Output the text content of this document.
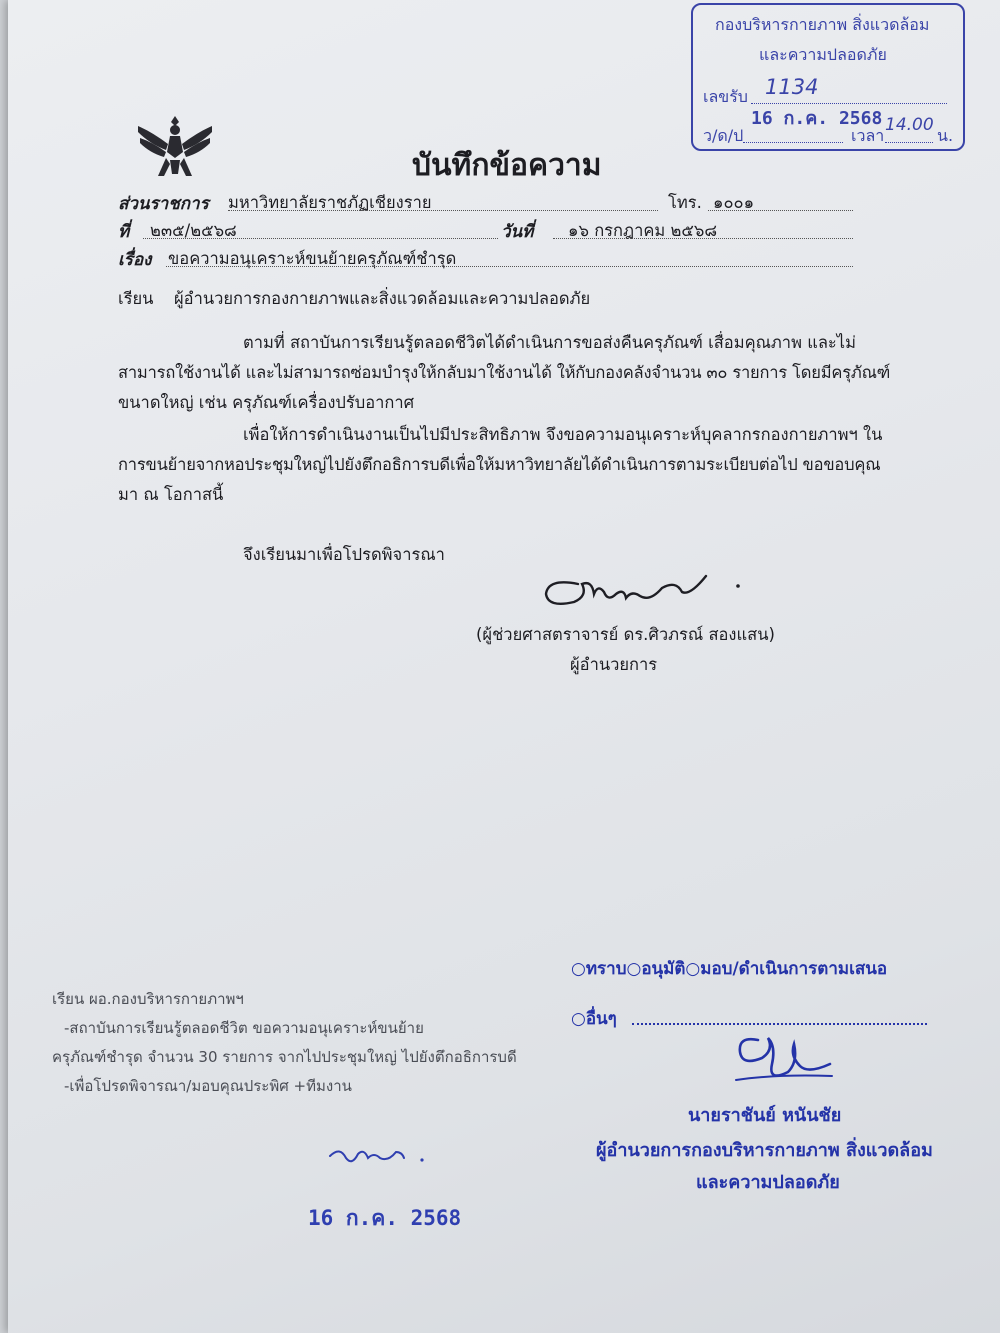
กองบริหารกายภาพ สิ่งแวดล้อม
และความปลอดภัย
เลขรับ 1134
16 ก.ค. 2568
ว/ด/ป	เวลา
14.00
น.
บันทึกข้อความ
ส่วนราชการ มหาวิทยาลัยราชภัฏเชียงราย	โทร. ๑๐๐๑
ที่ ๒๓๕/๒๕๖๘	วันที่ ๑๖ กรกฎาคม ๒๕๖๘
เรื่อง ขอความอนุเคราะห์ขนย้ายครุภัณฑ์ชำรุด
เรียน ผู้อำนวยการกองกายภาพและสิ่งแวดล้อมและความปลอดภัย
ตามที่ สถาบันการเรียนรู้ตลอดชีวิตได้ดำเนินการขอส่งคืนครุภัณฑ์ เสื่อมคุณภาพ และไม่
สามารถใช้งานได้ และไม่สามารถซ่อมบำรุงให้กลับมาใช้งานได้ ให้กับกองคลังจำนวน ๓๐ รายการ โดยมีครุภัณฑ์
ขนาดใหญ่ เช่น ครุภัณฑ์เครื่องปรับอากาศ
เพื่อให้การดำเนินงานเป็นไปมีประสิทธิภาพ จึงขอความอนุเคราะห์บุคลากรกองกายภาพฯ ใน
การขนย้ายจากหอประชุมใหญ่ไปยังตึกอธิการบดีเพื่อให้มหาวิทยาลัยได้ดำเนินการตามระเบียบต่อไป ขอขอบคุณ
มา ณ โอกาสนี้
จึงเรียนมาเพื่อโปรดพิจารณา
(ผู้ช่วยศาสตราจารย์ ดร.ศิวภรณ์ สองแสน)
ผู้อำนวยการ
เรียน ผอ.กองบริหารกายภาพฯ
-สถาบันการเรียนรู้ตลอดชีวิต ขอความอนุเคราะห์ขนย้าย
ครุภัณฑ์ชำรุด จำนวน 30 รายการ จากไปประชุมใหญ่ ไปยังตึกอธิการบดี
-เพื่อโปรดพิจารณา/มอบคุณประพิศ +ทีมงาน
16 ก.ค. 2568
○ทราบ○อนุมัติ○มอบ/ดำเนินการตามเสนอ
○อื่นๆ
นายราชันย์ หนันชัย
ผู้อำนวยการกองบริหารกายภาพ สิ่งแวดล้อม
และความปลอดภัย
